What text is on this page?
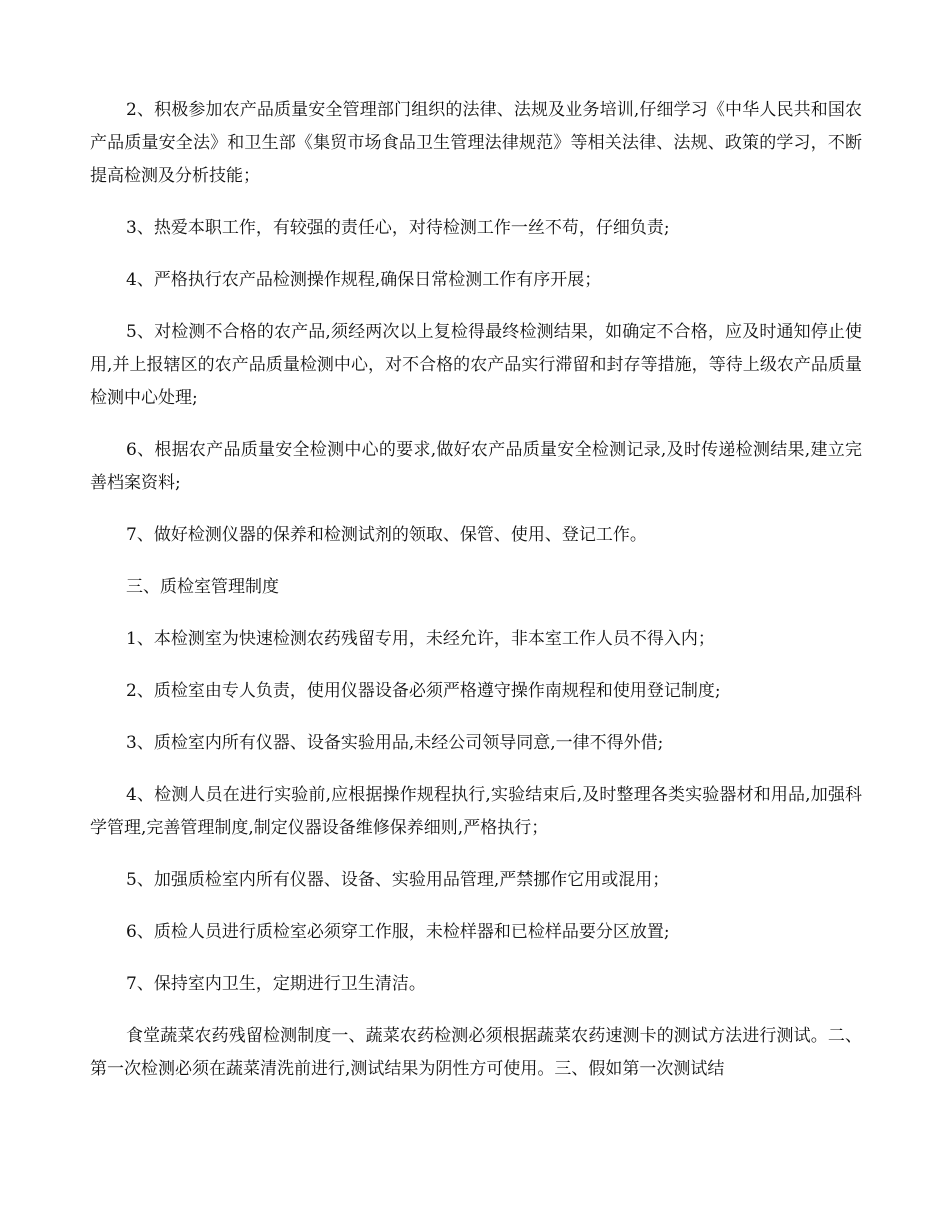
2、积极参加农产品质量安全管理部门组织的法律、法规及业务培训,仔细学习《中华人民共和国农产品质量安全法》和卫生部《集贸市场食品卫生管理法律规范》等相关法律、法规、政策的学习，不断提高检测及分析技能；

3、热爱本职工作，有较强的责任心，对待检测工作一丝不苟，仔细负责;

4、严格执行农产品检测操作规程,确保日常检测工作有序开展；

5、对检测不合格的农产品,须经两次以上复检得最终检测结果，如确定不合格，应及时通知停止使用,并上报辖区的农产品质量检测中心，对不合格的农产品实行滞留和封存等措施，等待上级农产品质量检测中心处理;

6、根据农产品质量安全检测中心的要求,做好农产品质量安全检测记录,及时传递检测结果,建立完善档案资料;

7、做好检测仪器的保养和检测试剂的领取、保管、使用、登记工作。

三、质检室管理制度

1、本检测室为快速检测农药残留专用，未经允许，非本室工作人员不得入内；

2、质检室由专人负责，使用仪器设备必须严格遵守操作南规程和使用登记制度;

3、质检室内所有仪器、设备实验用品,未经公司领导同意,一律不得外借;

4、检测人员在进行实验前,应根据操作规程执行,实验结束后,及时整理各类实验器材和用品,加强科学管理,完善管理制度,制定仪器设备维修保养细则,严格执行；

5、加强质检室内所有仪器、设备、实验用品管理,严禁挪作它用或混用；

6、质检人员进行质检室必须穿工作服，未检样器和已检样品要分区放置;

7、保持室内卫生，定期进行卫生清洁。

食堂蔬菜农药残留检测制度一、蔬菜农药检测必须根据蔬菜农药速测卡的测试方法进行测试。二、第一次检测必须在蔬菜清洗前进行,测试结果为阴性方可使用。三、假如第一次测试结
